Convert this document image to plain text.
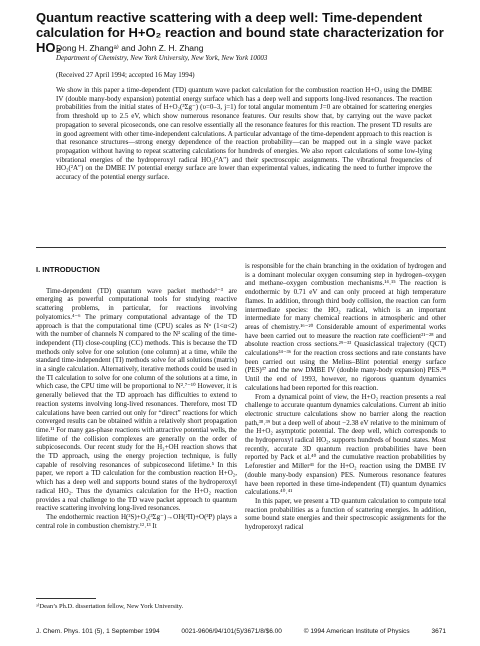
Quantum reactive scattering with a deep well: Time-dependent calculation for H+O₂ reaction and bound state characterization for HO₂
Dong H. Zhangᵃ⁾ and John Z. H. Zhang
Department of Chemistry, New York University, New York, New York 10003
(Received 27 April 1994; accepted 16 May 1994)
We show in this paper a time-dependent (TD) quantum wave packet calculation for the combustion reaction H+O₂ using the DMBE IV (double many-body expansion) potential energy surface which has a deep well and supports long-lived resonances. The reaction probabilities from the initial states of H+O₂(³Σg⁻) (υ=0–3, j=1) for total angular momentum J=0 are obtained for scattering energies from threshold up to 2.5 eV, which show numerous resonance features. Our results show that, by carrying out the wave packet propagation to several picoseconds, one can resolve essentially all the resonance features for this reaction. The present TD results are in good agreement with other time-independent calculations. A particular advantage of the time-dependent approach to this reaction is that resonance structures—strong energy dependence of the reaction probability—can be mapped out in a single wave packet propagation without having to repeat scattering calculations for hundreds of energies. We also report calculations of some low-lying vibrational energies of the hydroperoxyl radical HO₂(²A″) and their spectroscopic assignments. The vibrational frequencies of HO₂(²A″) on the DMBE IV potential energy surface are lower than experimental values, indicating the need to further improve the accuracy of the potential energy surface.
I. INTRODUCTION

Time-dependent (TD) quantum wave packet methods¹⁻³ are emerging as powerful computational tools for studying reactive scattering problems, in particular, for reactions involving polyatomics.⁴⁻⁶ The primary computational advantage of the TD approach is that the computational time (CPU) scales as Nᵅ (1<α<2) with the number of channels N compared to the N³ scaling of the time-independent (TI) close-coupling (CC) methods. This is because the TD methods only solve for one solution (one column) at a time, while the standard time-independent (TI) methods solve for all solutions (matrix) in a single calculation. Alternatively, iterative methods could be used in the TI calculation to solve for one column of the solutions at a time, in which case, the CPU time will be proportional to N².⁷⁻¹⁰ However, it is generally believed that the TD approach has difficulties to extend to reaction systems involving long-lived resonances. Therefore, most TD calculations have been carried out only for “direct” reactions for which converged results can be obtained within a relatively short propagation time.¹¹ For many gas-phase reactions with attractive potential wells, the lifetime of the collision complexes are generally on the order of subpicoseconds. Our recent study for the H₂+OH reaction shows that the TD approach, using the energy projection technique, is fully capable of resolving resonances of subpicosecond lifetime.⁵ In this paper, we report a TD calculation for the combustion reaction H+O₂, which has a deep well and supports bound states of the hydroperoxyl radical HO₂. Thus the dynamics calculation for the H+O₂ reaction provides a real challenge to the TD wave packet approach to quantum reactive scattering involving long-lived resonances.

The endothermic reaction H(²S)+O₂(³Σg⁻)→OH(²Π)+O(³P) plays a central role in combustion chemistry.¹²˒¹³ It

is responsible for the chain branching in the oxidation of hydrogen and is a dominant molecular oxygen consuming step in hydrogen–oxygen and methane–oxygen combustion mechanisms.¹⁴˒¹⁵ The reaction is endothermic by 0.71 eV and can only proceed at high temperature flames. In addition, through third body collision, the reaction can form intermediate species: the HO₂ radical, which is an important intermediate for many chemical reactions in atmospheric and other areas of chemistry.¹⁶⁻²⁰ Considerable amount of experimental works have been carried out to measure the reaction rate coefficient²¹⁻²⁸ and absolute reaction cross sections.²⁹⁻³³ Quasiclassical trajectory (QCT) calculations³⁴⁻³⁶ for the reaction cross sections and rate constants have been carried out using the Melius–Blint potential energy surface (PES)³⁷ and the new DMBE IV (double many-body expansion) PES.³⁸ Until the end of 1993, however, no rigorous quantum dynamics calculations had been reported for this reaction.

From a dynamical point of view, the H+O₂ reaction presents a real challenge to accurate quantum dynamics calculations. Current ab initio electronic structure calculations show no barrier along the reaction path,³⁸˒³⁹ but a deep well of about −2.38 eV relative to the minimum of the H+O₂ asymptotic potential. The deep well, which corresponds to the hydroperoxyl radical HO₂, supports hundreds of bound states. Most recently, accurate 3D quantum reaction probabilities have been reported by Pack et al.⁴⁰ and the cumulative reaction probabilities by Leforestier and Miller⁴¹ for the H+O₂ reaction using the DMBE IV (double many-body expansion) PES. Numerous resonance features have been reported in these time-independent (TI) quantum dynamics calculations.⁴⁰˒⁴¹

In this paper, we present a TD quantum calculation to compute total reaction probabilities as a function of scattering energies. In addition, some bound state energies and their spectroscopic assignments for the hydroperoxyl radical

ᵃ⁾Dean’s Ph.D. dissertation fellow, New York University.
J. Chem. Phys. 101 (5), 1 September 1994	0021-9606/94/101(5)/3671/8/$6.00	© 1994 American Institute of Physics	3671
